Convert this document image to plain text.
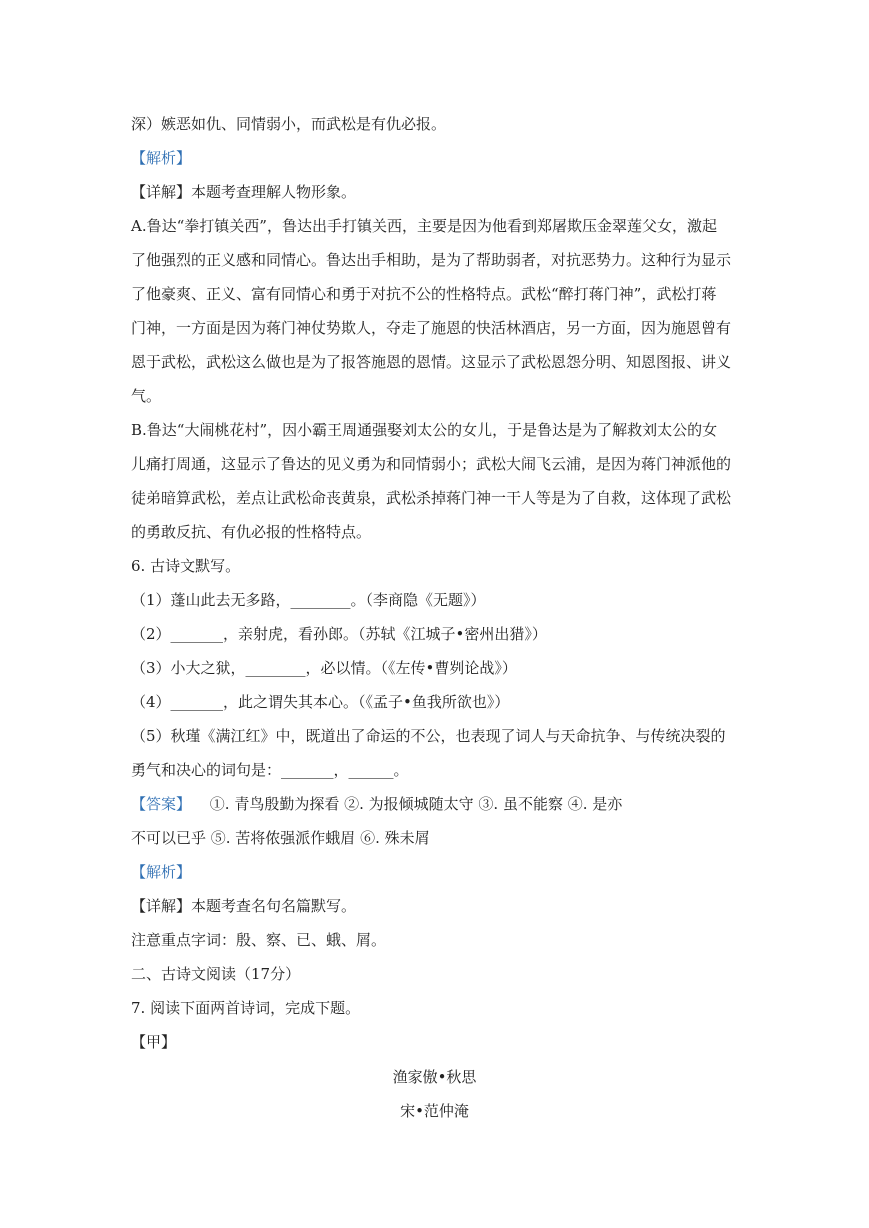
深）嫉恶如仇、同情弱小，而武松是有仇必报。
【解析】
【详解】本题考查理解人物形象。
A.鲁达“拳打镇关西”，鲁达出手打镇关西，主要是因为他看到郑屠欺压金翠莲父女，激起
了他强烈的正义感和同情心。鲁达出手相助，是为了帮助弱者，对抗恶势力。这种行为显示
了他豪爽、正义、富有同情心和勇于对抗不公的性格特点。武松“醉打蒋门神”，武松打蒋
门神，一方面是因为蒋门神仗势欺人，夺走了施恩的快活林酒店，另一方面，因为施恩曾有
恩于武松，武松这么做也是为了报答施恩的恩情。这显示了武松恩怨分明、知恩图报、讲义
气。
B.鲁达“大闹桃花村”，因小霸王周通强娶刘太公的女儿，于是鲁达是为了解救刘太公的女
儿痛打周通，这显示了鲁达的见义勇为和同情弱小；武松大闹飞云浦，是因为蒋门神派他的
徒弟暗算武松，差点让武松命丧黄泉，武松杀掉蒋门神一干人等是为了自救，这体现了武松
的勇敢反抗、有仇必报的性格特点。
6. 古诗文默写。
（1）蓬山此去无多路，________。（李商隐《无题》）
（2）_______，亲射虎，看孙郎。（苏轼《江城子•密州出猎》）
（3）小大之狱，________，必以情。（《左传•曹刿论战》）
（4）_______，此之谓失其本心。（《孟子•鱼我所欲也》）
（5）秋瑾《满江红》中，既道出了命运的不公，也表现了词人与天命抗争、与传统决裂的
勇气和决心的词句是：_______，______。
【答案】 ①. 青鸟殷勤为探看 ②. 为报倾城随太守 ③. 虽不能察 ④. 是亦
不可以已乎 ⑤. 苦将侬强派作蛾眉 ⑥. 殊未屑
【解析】
【详解】本题考查名句名篇默写。
注意重点字词：殷、察、已、蛾、屑。
二、古诗文阅读（17分）
7. 阅读下面两首诗词，完成下题。
【甲】
渔家傲•秋思
宋•范仲淹
